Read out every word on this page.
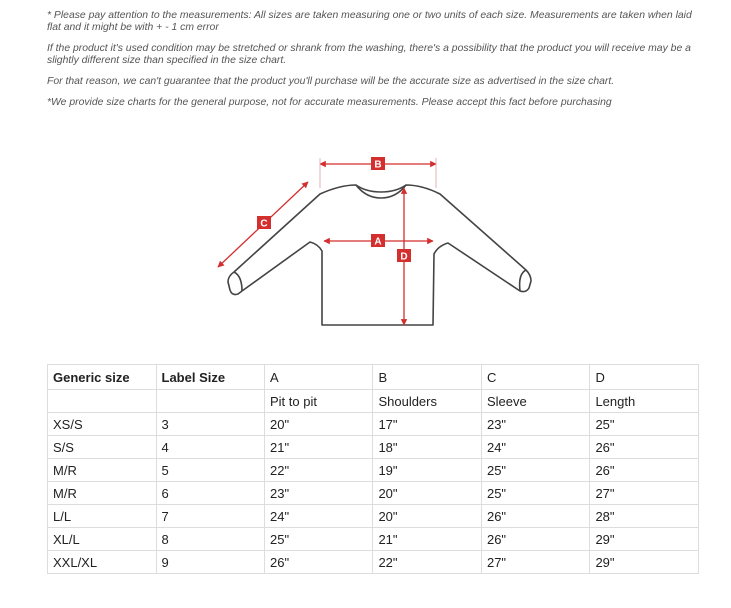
* Please pay attention to the measurements: All sizes are taken measuring one or two units of each size. Measurements are taken when laid flat and it might be with + - 1 cm error

If the product it's used condition may be stretched or shrank from the washing, there's a possibility that the product you will receive may be a slightly different size than specified in the size chart.

For that reason, we can't guarantee that the product you'll purchase will be the accurate size as advertised in the size chart.

*We provide size charts for the general purpose, not for accurate measurements. Please accept this fact before purchasing

B
C
A
D
Generic size	Label Size	A	B	C	D
		Pit to pit	Shoulders	Sleeve	Length
XS/S	3	20"	17"	23"	25"
S/S	4	21"	18"	24"	26"
M/R	5	22"	19"	25"	26"
M/R	6	23"	20"	25"	27"
L/L	7	24"	20"	26"	28"
XL/L	8	25"	21"	26"	29"
XXL/XL	9	26"	22"	27"	29"
